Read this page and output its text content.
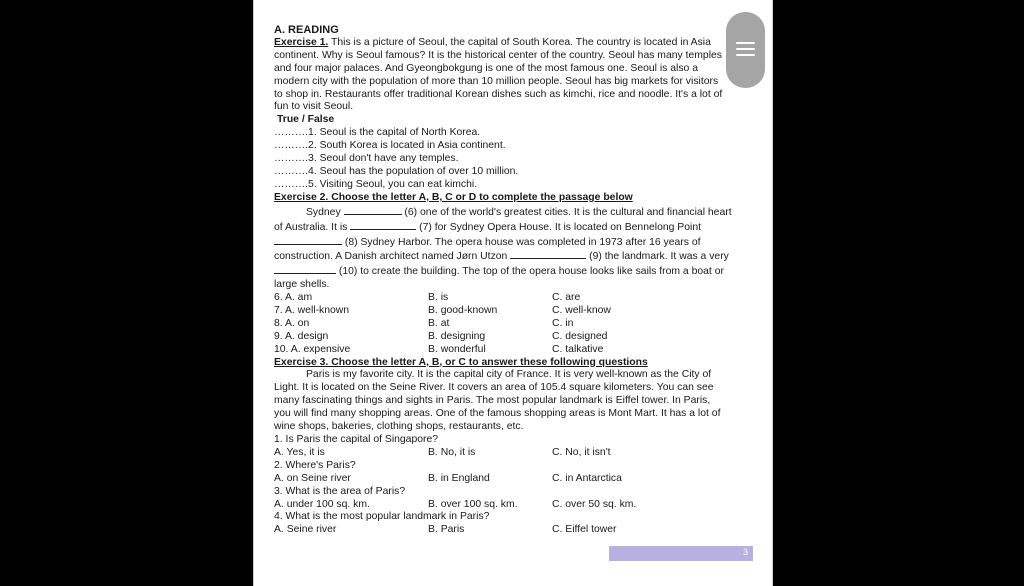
A. READING
Exercise 1. This is a picture of Seoul, the capital of South Korea. The country is located in Asia
continent. Why is Seoul famous? It is the historical center of the country. Seoul has many temples
and four major palaces. And Gyeongbokgung is one of the most famous one. Seoul is also a
modern city with the population of more than 10 million people. Seoul has big markets for visitors
to shop in. Restaurants offer traditional Korean dishes such as kimchi, rice and noodle. It's a lot of
fun to visit Seoul.
True / False
……….1. Seoul is the capital of North Korea.
……….2. South Korea is located in Asia continent.
……….3. Seoul don't have any temples.
……….4. Seoul has the population of over 10 million.
……….5. Visiting Seoul, you can eat kimchi.
Exercise 2. Choose the letter A, B, C or D to complete the passage below
Sydney	(6) one of the world's greatest cities. It is the cultural and financial heart
of Australia. It is	(7) for Sydney Opera House. It is located on Bennelong Point
(8) Sydney Harbor. The opera house was completed in 1973 after 16 years of
construction. A Danish architect named Jørn Utzon	(9) the landmark. It was a very
(10) to create the building. The top of the opera house looks like sails from a boat or
large shells.
6. A. am	B. is	C. are
7. A. well-known	B. good-known	C. well-know
8. A. on	B. at	C. in
9. A. design	B. designing	C. designed
10. A. expensive	B. wonderful	C. talkative
Exercise 3. Choose the letter A, B, or C to answer these following questions
Paris is my favorite city. It is the capital city of France. It is very well-known as the City of
Light. It is located on the Seine River. It covers an area of 105.4 square kilometers. You can see
many fascinating things and sights in Paris. The most popular landmark is Eiffel tower. In Paris,
you will find many shopping areas. One of the famous shopping areas is Mont Mart. It has a lot of
wine shops, bakeries, clothing shops, restaurants, etc.
1. Is Paris the capital of Singapore?
A. Yes, it is	B. No, it is	C. No, it isn't
2. Where's Paris?
A. on Seine river	B. in England	C. in Antarctica
3. What is the area of Paris?
A. under 100 sq. km.	B. over 100 sq. km.	C. over 50 sq. km.
4. What is the most popular landmark in Paris?
A. Seine river	B. Paris	C. Eiffel tower
3
